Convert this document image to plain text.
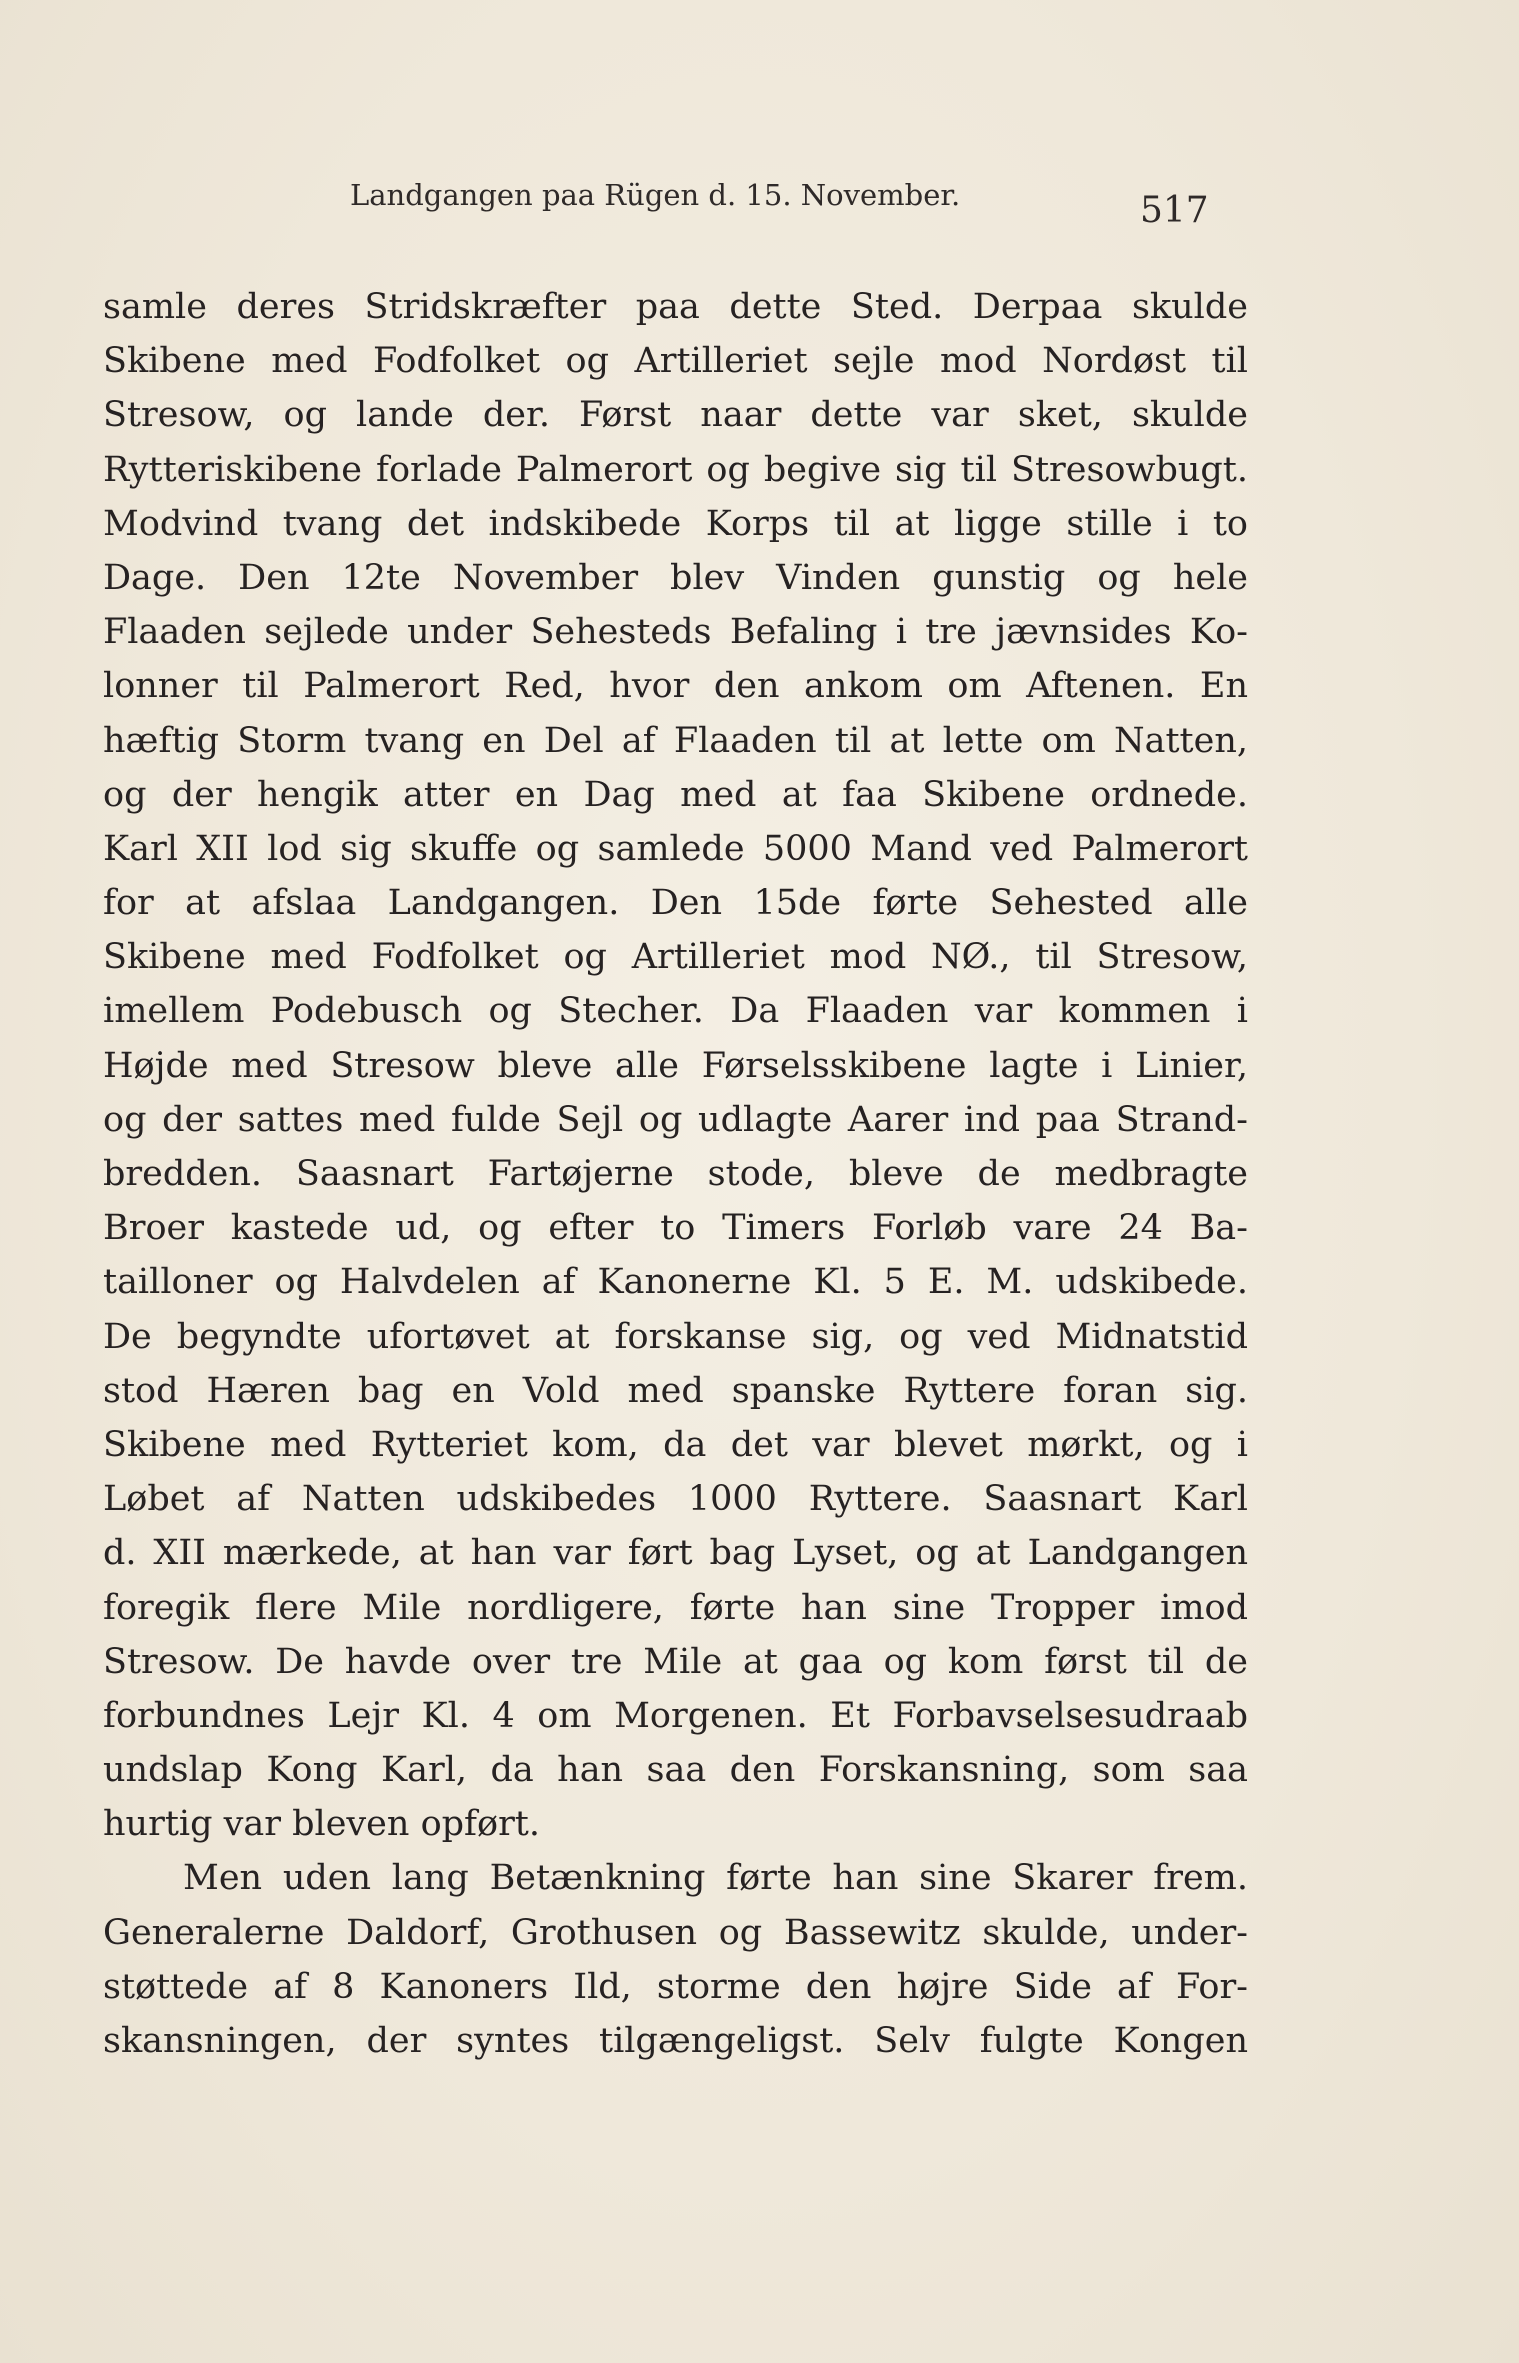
Landgangen paa Rügen d. 15. November.	517
samle deres Stridskræfter paa dette Sted. Derpaa skulde
Skibene med Fodfolket og Artilleriet sejle mod Nordøst til
Stresow, og lande der. Først naar dette var sket, skulde
Rytteriskibene forlade Palmerort og begive sig til Stresowbugt.
Modvind tvang det indskibede Korps til at ligge stille i to
Dage. Den 12te November blev Vinden gunstig og hele
Flaaden sejlede under Sehesteds Befaling i tre jævnsides Ko-
lonner til Palmerort Red, hvor den ankom om Aftenen. En
hæftig Storm tvang en Del af Flaaden til at lette om Natten,
og der hengik atter en Dag med at faa Skibene ordnede.
Karl XII lod sig skuffe og samlede 5000 Mand ved Palmerort
for at afslaa Landgangen. Den 15de førte Sehested alle
Skibene med Fodfolket og Artilleriet mod NØ., til Stresow,
imellem Podebusch og Stecher. Da Flaaden var kommen i
Højde med Stresow bleve alle Førselsskibene lagte i Linier,
og der sattes med fulde Sejl og udlagte Aarer ind paa Strand-
bredden. Saasnart Fartøjerne stode, bleve de medbragte
Broer kastede ud, og efter to Timers Forløb vare 24 Ba-
tailloner og Halvdelen af Kanonerne Kl. 5 E. M. udskibede.
De begyndte ufortøvet at forskanse sig, og ved Midnatstid
stod Hæren bag en Vold med spanske Ryttere foran sig.
Skibene med Rytteriet kom, da det var blevet mørkt, og i
Løbet af Natten udskibedes 1000 Ryttere. Saasnart Karl
d. XII mærkede, at han var ført bag Lyset, og at Landgangen
foregik flere Mile nordligere, førte han sine Tropper imod
Stresow. De havde over tre Mile at gaa og kom først til de
forbundnes Lejr Kl. 4 om Morgenen. Et Forbavselsesudraab
undslap Kong Karl, da han saa den Forskansning, som saa
hurtig var bleven opført.
Men uden lang Betænkning førte han sine Skarer frem.
Generalerne Daldorf, Grothusen og Bassewitz skulde, under-
støttede af 8 Kanoners Ild, storme den højre Side af For-
skansningen, der syntes tilgængeligst. Selv fulgte Kongen
